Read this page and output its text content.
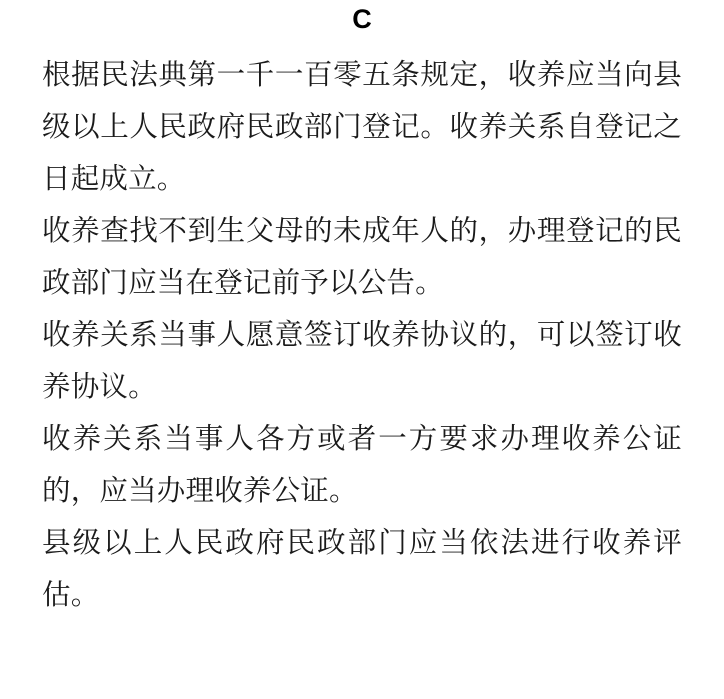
C

根据民法典第一千一百零五条规定，收养应当向县级以上人民政府民政部门登记。收养关系自登记之日起成立。

收养查找不到生父母的未成年人的，办理登记的民政部门应当在登记前予以公告。

收养关系当事人愿意签订收养协议的，可以签订收养协议。

收养关系当事人各方或者一方要求办理收养公证的，应当办理收养公证。

县级以上人民政府民政部门应当依法进行收养评估。
